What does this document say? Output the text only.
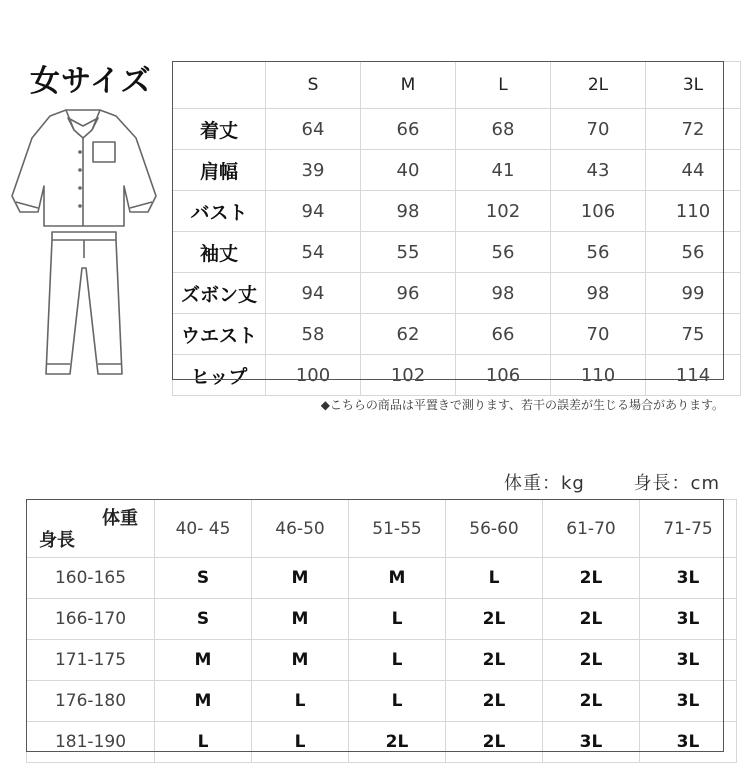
女サイズ
		S	M	L	2L	3L
着丈	64	66	68	70	72
肩幅	39	40	41	43	44
バスト	94	98	102	106	110
袖丈	54	55	56	56	56
ズボン丈	94	96	98	98	99
ウエスト	58	62	66	70	75
ヒップ	100	102	106	110	114
◆こちらの商品は平置きで測ります、若干の誤差が生じる場合があります。
体重：kg	身長：cm
体重
身長	40- 45	46-50	51-55	56-60	61-70	71-75
160-165	S	M	M	L	2L	3L
166-170	S	M	L	2L	2L	3L
171-175	M	M	L	2L	2L	3L
176-180	M	L	L	2L	2L	3L
181-190	L	L	2L	2L	3L	3L
